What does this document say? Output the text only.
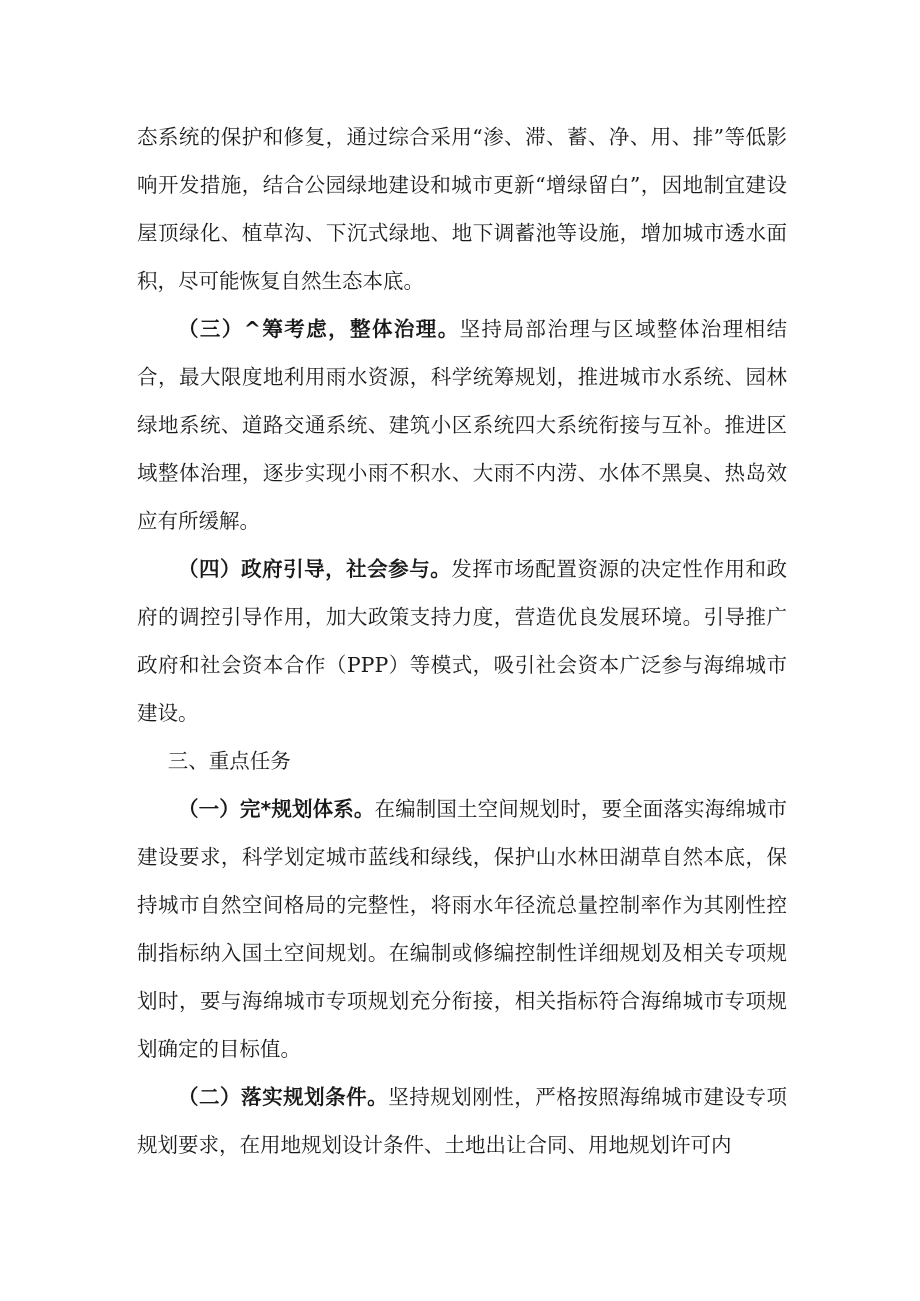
态系统的保护和修复，通过综合采用“渗、滞、蓄、净、用、排”等低影响开发措施，结合公园绿地建设和城市更新“增绿留白”，因地制宜建设屋顶绿化、植草沟、下沉式绿地、地下调蓄池等设施，增加城市透水面积，尽可能恢复自然生态本底。

（三）^筹考虑，整体治理。坚持局部治理与区域整体治理相结合，最大限度地利用雨水资源，科学统筹规划，推进城市水系统、园林绿地系统、道路交通系统、建筑小区系统四大系统衔接与互补。推进区域整体治理，逐步实现小雨不积水、大雨不内涝、水体不黑臭、热岛效应有所缓解。

（四）政府引导，社会参与。发挥市场配置资源的决定性作用和政府的调控引导作用，加大政策支持力度，营造优良发展环境。引导推广政府和社会资本合作（PPP）等模式，吸引社会资本广泛参与海绵城市建设。

三、重点任务

（一）完*规划体系。在编制国土空间规划时，要全面落实海绵城市建设要求，科学划定城市蓝线和绿线，保护山水林田湖草自然本底，保持城市自然空间格局的完整性，将雨水年径流总量控制率作为其刚性控制指标纳入国土空间规划。在编制或修编控制性详细规划及相关专项规划时，要与海绵城市专项规划充分衔接，相关指标符合海绵城市专项规划确定的目标值。

（二）落实规划条件。坚持规划刚性，严格按照海绵城市建设专项规划要求，在用地规划设计条件、土地出让合同、用地规划许可内
